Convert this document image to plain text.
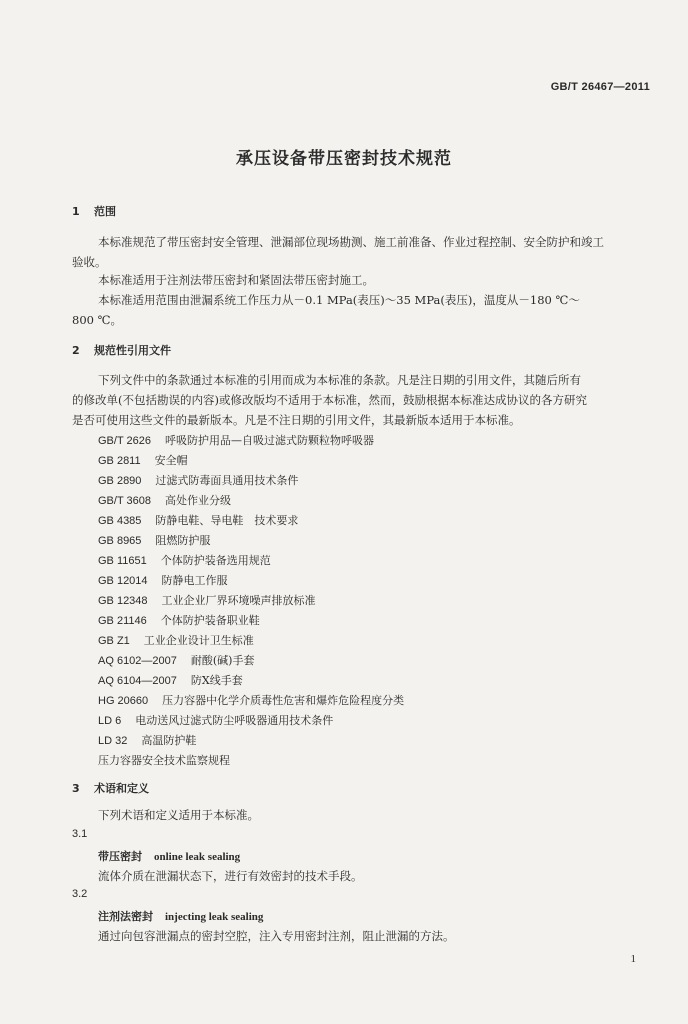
GB/T 26467—2011
承压设备带压密封技术规范
1 范围
本标准规范了带压密封安全管理、泄漏部位现场勘测、施工前准备、作业过程控制、安全防护和竣工
验收。
本标准适用于注剂法带压密封和紧固法带压密封施工。
本标准适用范围由泄漏系统工作压力从－0.1 MPa(表压)～35 MPa(表压)，温度从－180 ℃～
800 ℃。
2 规范性引用文件
下列文件中的条款通过本标准的引用而成为本标准的条款。凡是注日期的引用文件，其随后所有
的修改单(不包括勘误的内容)或修改版均不适用于本标准，然而，鼓励根据本标准达成协议的各方研究
是否可使用这些文件的最新版本。凡是不注日期的引用文件，其最新版本适用于本标准。
GB/T 2626 呼吸防护用品—自吸过滤式防颗粒物呼吸器
GB 2811 安全帽
GB 2890 过滤式防毒面具通用技术条件
GB/T 3608 高处作业分级
GB 4385 防静电鞋、导电鞋　技术要求
GB 8965 阻燃防护服
GB 11651 个体防护装备选用规范
GB 12014 防静电工作服
GB 12348 工业企业厂界环境噪声排放标准
GB 21146 个体防护装备职业鞋
GB Z1 工业企业设计卫生标准
AQ 6102—2007 耐酸(碱)手套
AQ 6104—2007 防X线手套
HG 20660 压力容器中化学介质毒性危害和爆炸危险程度分类
LD 6 电动送风过滤式防尘呼吸器通用技术条件
LD 32 高温防护鞋
压力容器安全技术监察规程
3 术语和定义
下列术语和定义适用于本标准。
3.1
带压密封 online leak sealing
流体介质在泄漏状态下，进行有效密封的技术手段。
3.2
注剂法密封 injecting leak sealing
通过向包容泄漏点的密封空腔，注入专用密封注剂，阻止泄漏的方法。
1
